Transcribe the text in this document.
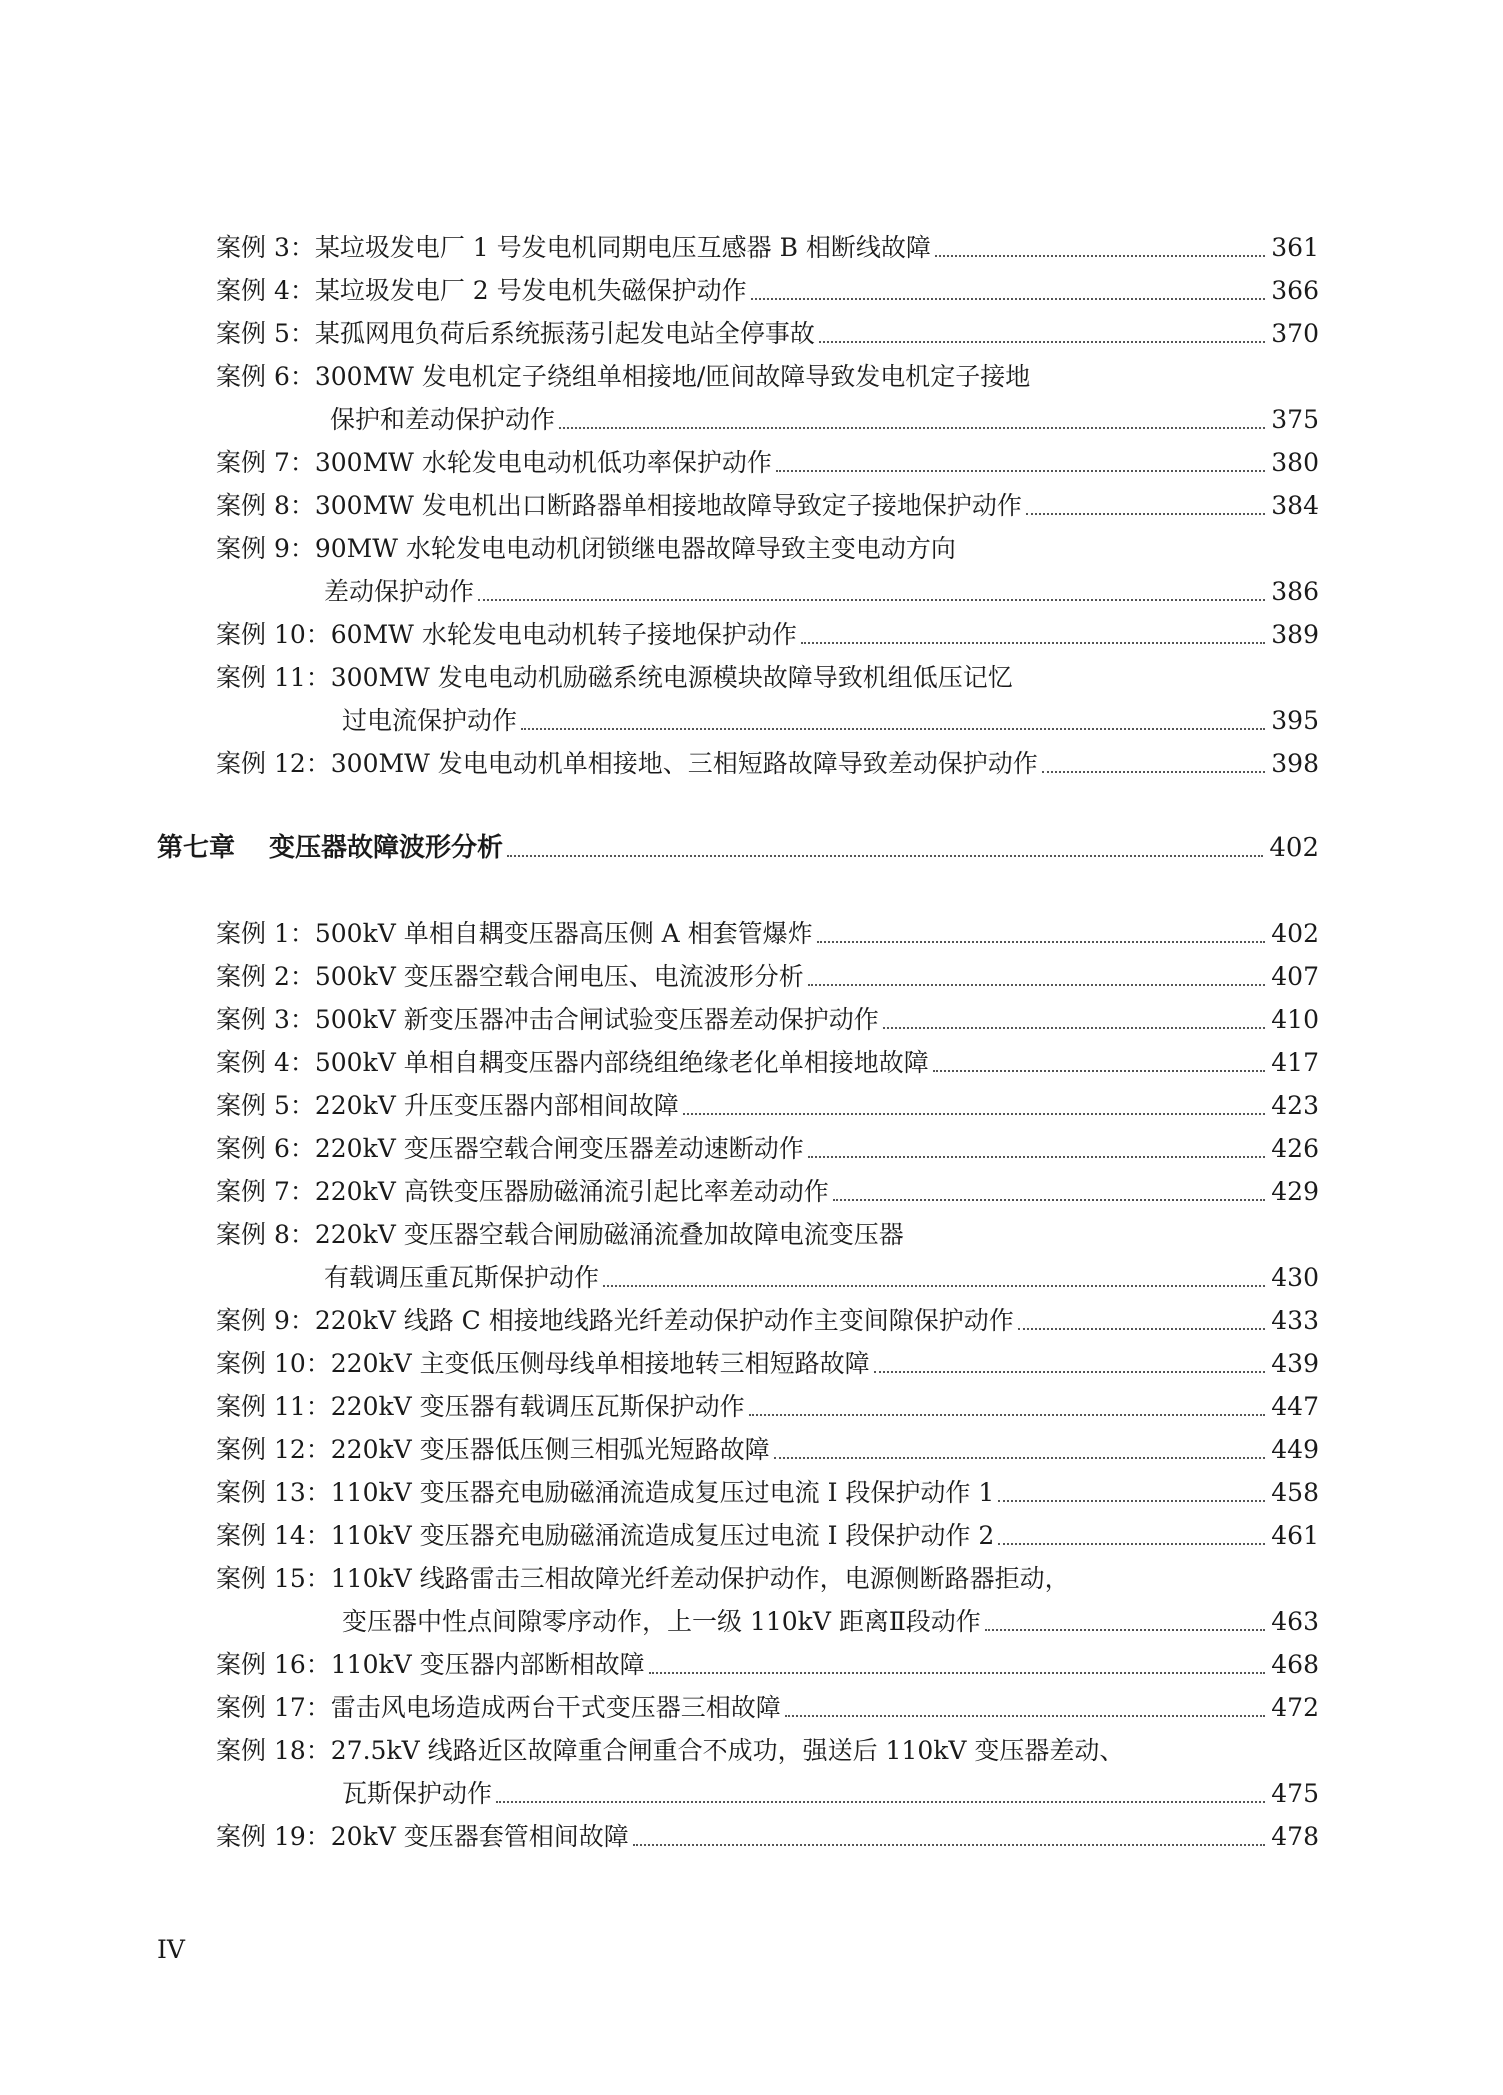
案例 3： 某垃圾发电厂 1 号发电机同期电压互感器 B 相断线故障	361
案例 4： 某垃圾发电厂 2 号发电机失磁保护动作	366
案例 5： 某孤网甩负荷后系统振荡引起发电站全停事故	370
案例 6： 300MW 发电机定子绕组单相接地/匝间故障导致发电机定子接地
保护和差动保护动作	375
案例 7： 300MW 水轮发电电动机低功率保护动作	380
案例 8： 300MW 发电机出口断路器单相接地故障导致定子接地保护动作	384
案例 9： 90MW 水轮发电电动机闭锁继电器故障导致主变电动方向
差动保护动作	386
案例 10： 60MW 水轮发电电动机转子接地保护动作	389
案例 11： 300MW 发电电动机励磁系统电源模块故障导致机组低压记忆
过电流保护动作	395
案例 12： 300MW 发电电动机单相接地、三相短路故障导致差动保护动作	398
第七章 变压器故障波形分析	402
案例 1： 500kV 单相自耦变压器高压侧 A 相套管爆炸	402
案例 2： 500kV 变压器空载合闸电压、电流波形分析	407
案例 3： 500kV 新变压器冲击合闸试验变压器差动保护动作	410
案例 4： 500kV 单相自耦变压器内部绕组绝缘老化单相接地故障	417
案例 5： 220kV 升压变压器内部相间故障	423
案例 6： 220kV 变压器空载合闸变压器差动速断动作	426
案例 7： 220kV 高铁变压器励磁涌流引起比率差动动作	429
案例 8： 220kV 变压器空载合闸励磁涌流叠加故障电流变压器
有载调压重瓦斯保护动作	430
案例 9： 220kV 线路 C 相接地线路光纤差动保护动作主变间隙保护动作	433
案例 10： 220kV 主变低压侧母线单相接地转三相短路故障	439
案例 11： 220kV 变压器有载调压瓦斯保护动作	447
案例 12： 220kV 变压器低压侧三相弧光短路故障	449
案例 13： 110kV 变压器充电励磁涌流造成复压过电流 Ⅰ 段保护动作 1	458
案例 14： 110kV 变压器充电励磁涌流造成复压过电流 Ⅰ 段保护动作 2	461
案例 15： 110kV 线路雷击三相故障光纤差动保护动作，电源侧断路器拒动，
变压器中性点间隙零序动作，上一级 110kV 距离Ⅱ段动作	463
案例 16： 110kV 变压器内部断相故障	468
案例 17： 雷击风电场造成两台干式变压器三相故障	472
案例 18： 27.5kV 线路近区故障重合闸重合不成功，强送后 110kV 变压器差动、
瓦斯保护动作	475
案例 19： 20kV 变压器套管相间故障	478
IV
